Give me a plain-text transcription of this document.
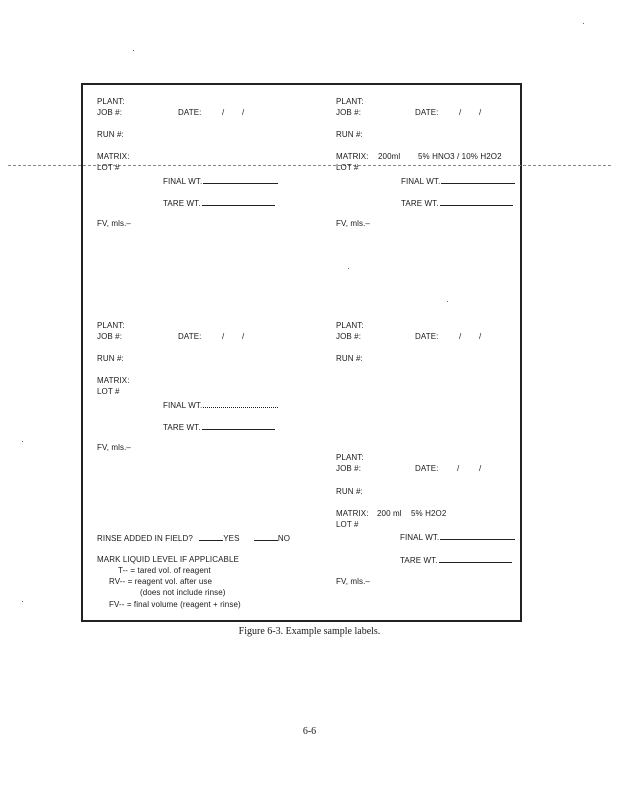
PLANT:
JOB #:	DATE:	/ /
RUN #:
MATRIX:
LOT #
FINAL WT.
TARE WT.
FV, mls.–
PLANT:
JOB #:	DATE:	/ /
RUN #:
MATRIX: 200ml 5% HNO3 / 10% H2O2
LOT #
FINAL WT.
TARE WT.
FV, mls.–
PLANT:
JOB #:	DATE:	/ /
RUN #:
MATRIX:
LOT #
FINAL WT.
TARE WT.
FV, mls.–
PLANT:
JOB #:	DATE:	/ /
RUN #:
PLANT:
JOB #:	DATE: / /
RUN #:
MATRIX: 200 ml 5% H2O2
LOT #
FINAL WT.
TARE WT.
FV, mls.–
RINSE ADDED IN FIELD?	YES	NO
MARK LIQUID LEVEL IF APPLICABLE
T-- = tared vol. of reagent
RV-- = reagent vol. after use
(does not include rinse)
FV-- = final volume (reagent + rinse)
Figure 6-3. Example sample labels.
6-6
